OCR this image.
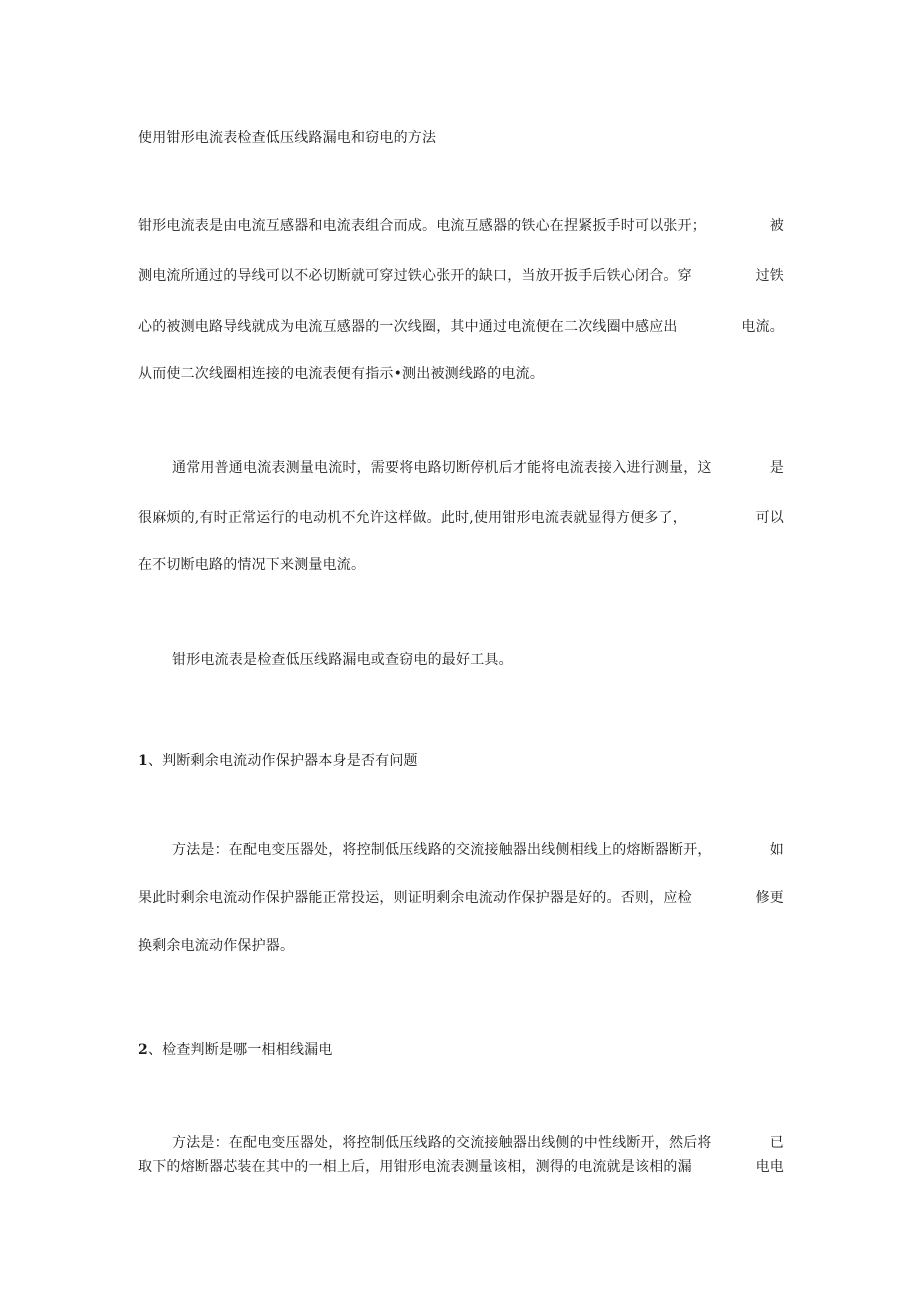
使用钳形电流表检查低压线路漏电和窃电的方法
钳形电流表是由电流互感器和电流表组合而成。电流互感器的铁心在捏紧扳手时可以张开；	被
测电流所通过的导线可以不必切断就可穿过铁心张开的缺口，当放开扳手后铁心闭合。穿	过铁
心的被测电路导线就成为电流互感器的一次线圈，其中通过电流便在二次线圈中感应出	电流。
从而使二次线圈相连接的电流表便有指示•测出被测线路的电流。
通常用普通电流表测量电流时，需要将电路切断停机后才能将电流表接入进行测量，这	是
很麻烦的,有时正常运行的电动机不允许这样做。此时,使用钳形电流表就显得方便多了，	可以
在不切断电路的情况下来测量电流。
钳形电流表是检查低压线路漏电或查窃电的最好工具。
1、判断剩余电流动作保护器本身是否有问题
方法是：在配电变压器处，将控制低压线路的交流接触器出线侧相线上的熔断器断开，	如
果此时剩余电流动作保护器能正常投运，则证明剩余电流动作保护器是好的。否则，应检	修更
换剩余电流动作保护器。
2、检查判断是哪一相相线漏电
方法是：在配电变压器处，将控制低压线路的交流接触器出线侧的中性线断开，然后将	已
取下的熔断器芯装在其中的一相上后，用钳形电流表测量该相，测得的电流就是该相的漏	电电
